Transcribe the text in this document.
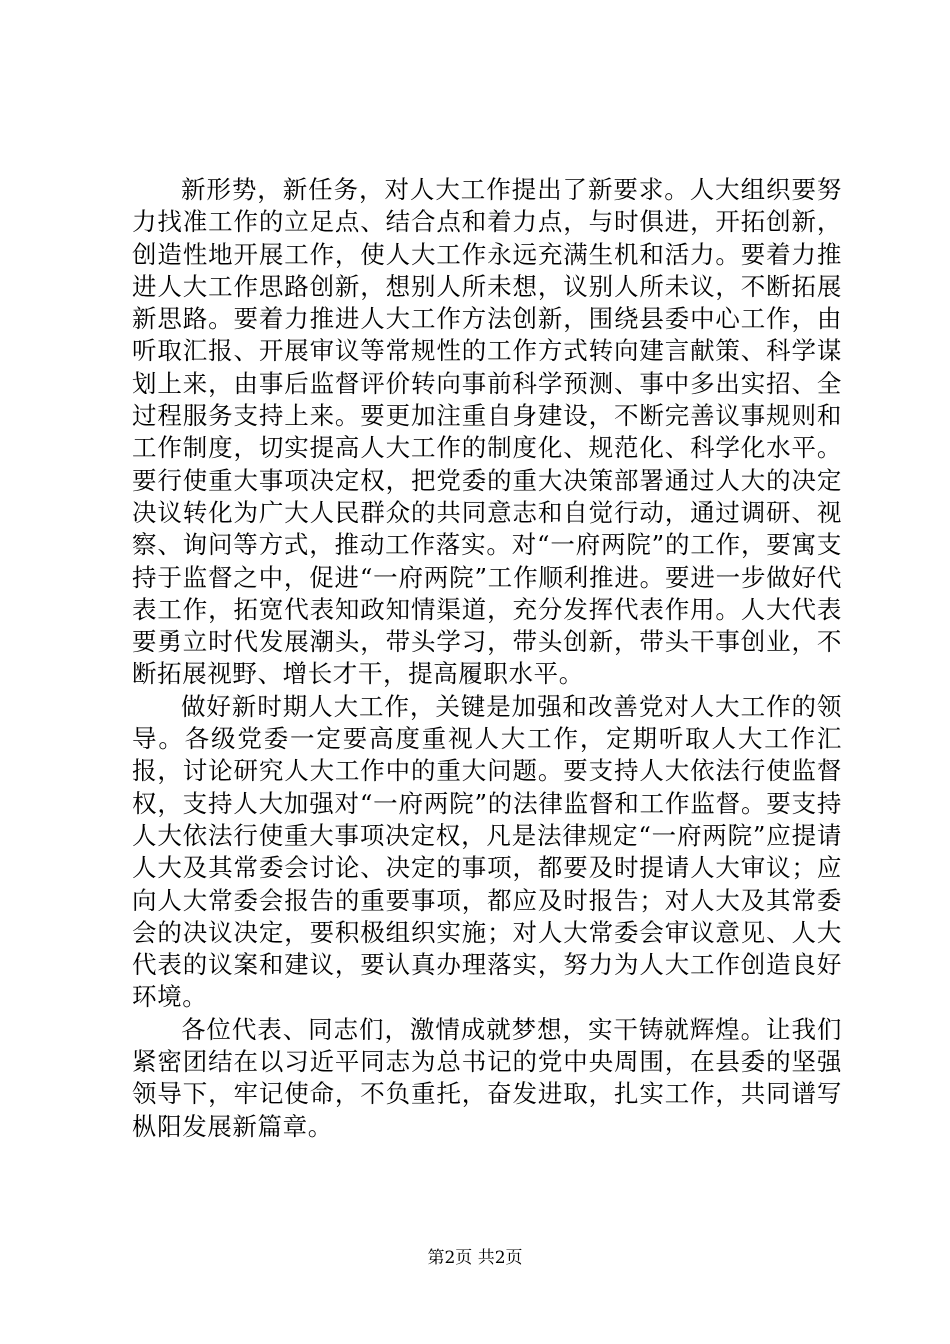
新形势，新任务，对人大工作提出了新要求。人大组织要努力找准工作的立足点、结合点和着力点，与时俱进，开拓创新，创造性地开展工作，使人大工作永远充满生机和活力。要着力推进人大工作思路创新，想别人所未想，议别人所未议，不断拓展新思路。要着力推进人大工作方法创新，围绕县委中心工作，由听取汇报、开展审议等常规性的工作方式转向建言献策、科学谋划上来，由事后监督评价转向事前科学预测、事中多出实招、全过程服务支持上来。要更加注重自身建设，不断完善议事规则和工作制度，切实提高人大工作的制度化、规范化、科学化水平。要行使重大事项决定权，把党委的重大决策部署通过人大的决定决议转化为广大人民群众的共同意志和自觉行动，通过调研、视察、询问等方式，推动工作落实。对“一府两院”的工作，要寓支持于监督之中，促进“一府两院”工作顺利推进。要进一步做好代表工作，拓宽代表知政知情渠道，充分发挥代表作用。人大代表要勇立时代发展潮头，带头学习，带头创新，带头干事创业，不断拓展视野、增长才干，提高履职水平。

做好新时期人大工作，关键是加强和改善党对人大工作的领导。各级党委一定要高度重视人大工作，定期听取人大工作汇报，讨论研究人大工作中的重大问题。要支持人大依法行使监督权，支持人大加强对“一府两院”的法律监督和工作监督。要支持人大依法行使重大事项决定权，凡是法律规定“一府两院”应提请人大及其常委会讨论、决定的事项，都要及时提请人大审议；应向人大常委会报告的重要事项，都应及时报告；对人大及其常委会的决议决定，要积极组织实施；对人大常委会审议意见、人大代表的议案和建议，要认真办理落实，努力为人大工作创造良好环境。

各位代表、同志们，激情成就梦想，实干铸就辉煌。让我们紧密团结在以习近平同志为总书记的党中央周围，在县委的坚强领导下，牢记使命，不负重托，奋发进取，扎实工作，共同谱写枞阳发展新篇章。

第2页 共2页
